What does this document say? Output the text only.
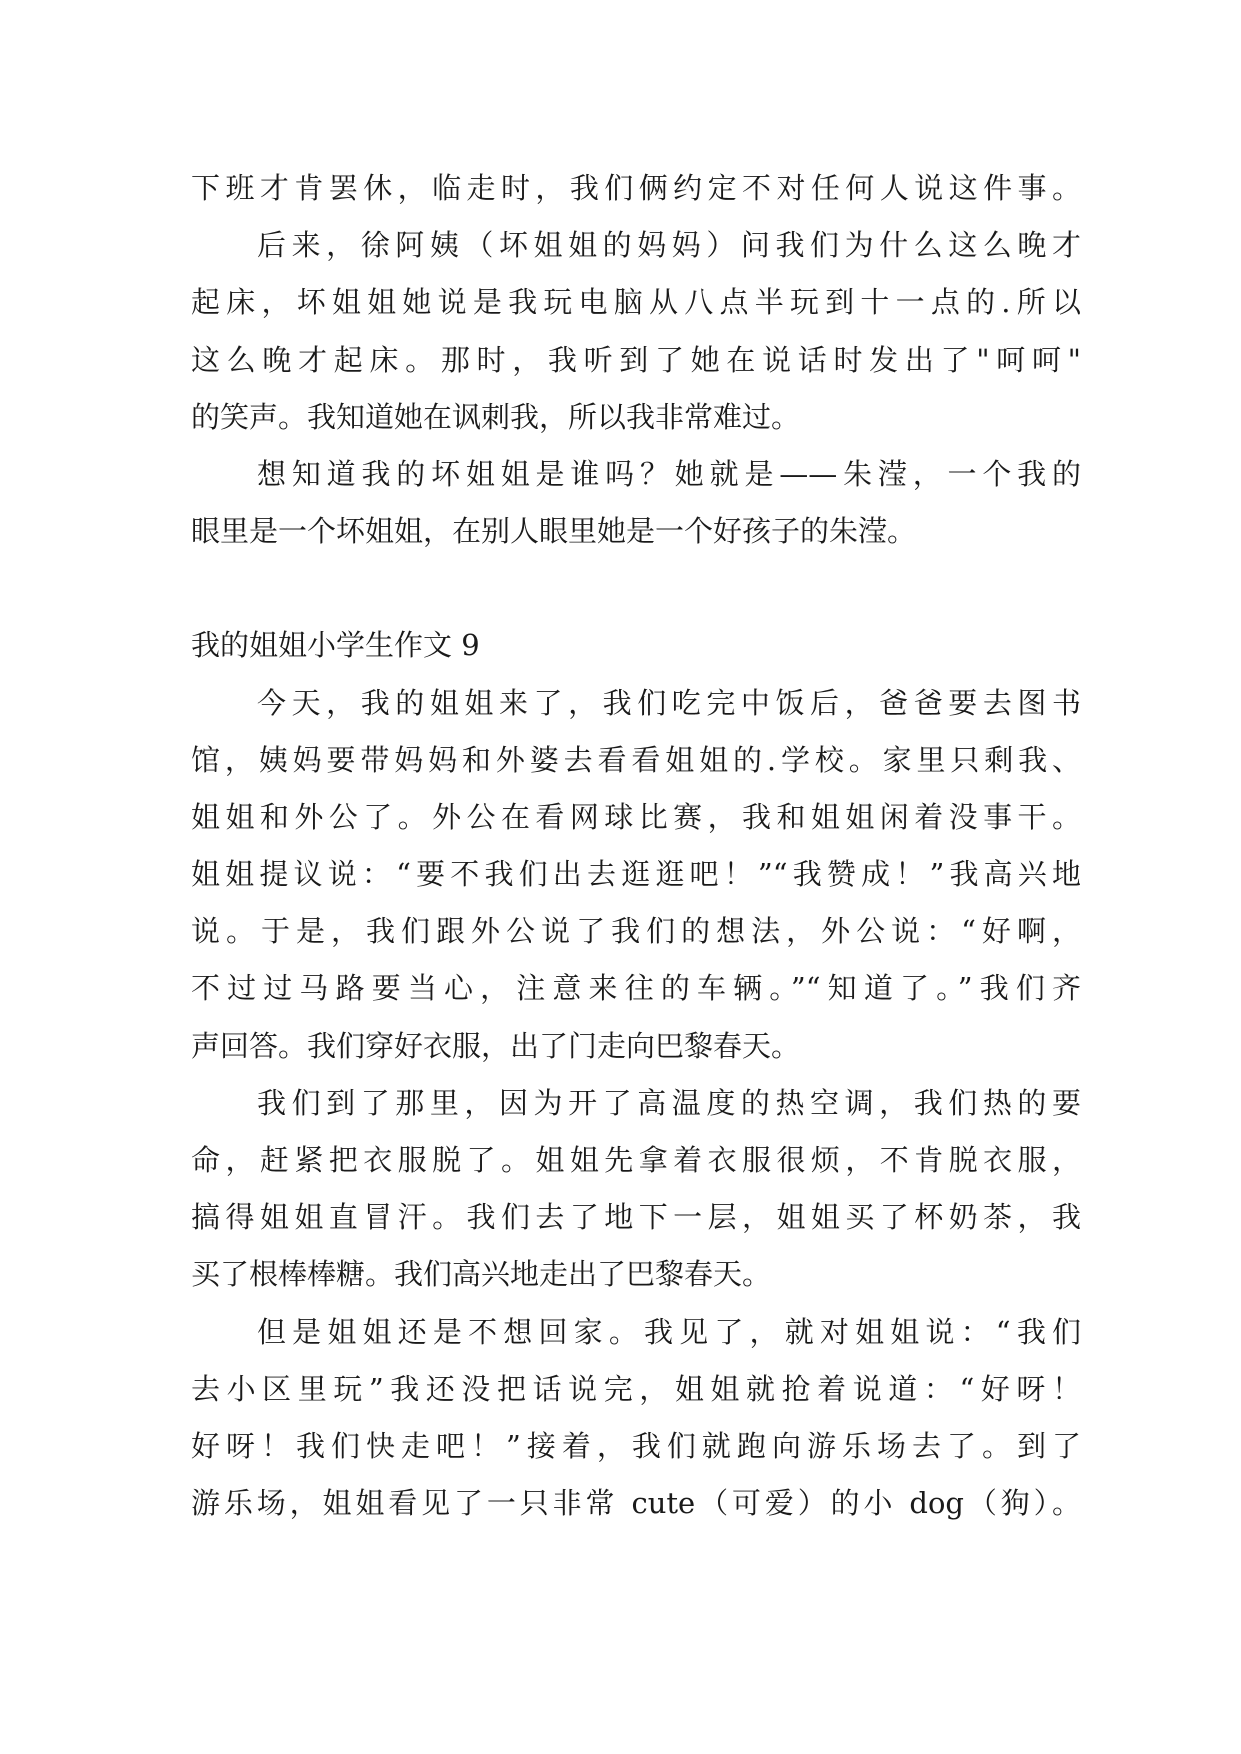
下班才肯罢休，临走时，我们俩约定不对任何人说这件事。
后来，徐阿姨（坏姐姐的妈妈）问我们为什么这么晚才
起床，坏姐姐她说是我玩电脑从八点半玩到十一点的.所以
这么晚才起床。那时，我听到了她在说话时发出了"呵呵"
的笑声。我知道她在讽刺我，所以我非常难过。
想知道我的坏姐姐是谁吗？她就是——朱滢，一个我的
眼里是一个坏姐姐，在别人眼里她是一个好孩子的朱滢。
我的姐姐小学生作文 9
今天，我的姐姐来了，我们吃完中饭后，爸爸要去图书
馆，姨妈要带妈妈和外婆去看看姐姐的.学校。家里只剩我、
姐姐和外公了。外公在看网球比赛，我和姐姐闲着没事干。
姐姐提议说：“要不我们出去逛逛吧！”“我赞成！”我高兴地
说。于是，我们跟外公说了我们的想法，外公说：“好啊，
不过过马路要当心，注意来往的车辆。”“知道了。”我们齐
声回答。我们穿好衣服，出了门走向巴黎春天。
我们到了那里，因为开了高温度的热空调，我们热的要
命，赶紧把衣服脱了。姐姐先拿着衣服很烦，不肯脱衣服，
搞得姐姐直冒汗。我们去了地下一层，姐姐买了杯奶茶，我
买了根棒棒糖。我们高兴地走出了巴黎春天。
但是姐姐还是不想回家。我见了，就对姐姐说：“我们
去小区里玩”我还没把话说完，姐姐就抢着说道：“好呀！
好呀！我们快走吧！”接着，我们就跑向游乐场去了。到了
游乐场，姐姐看见了一只非常 cute（可爱）的小 dog（狗）。
